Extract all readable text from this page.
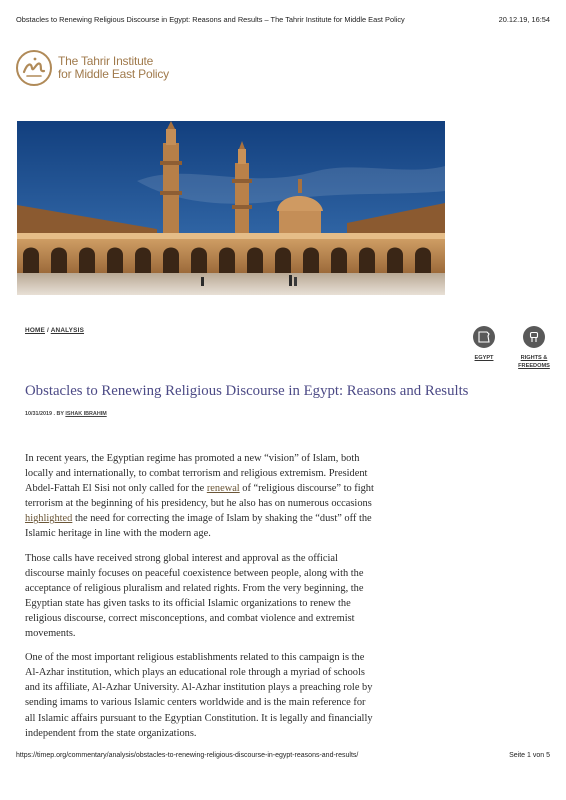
Obstacles to Renewing Religious Discourse in Egypt: Reasons and Results – The Tahrir Institute for Middle East Policy	20.12.19, 16:54
The Tahrir Institute
for Middle East Policy
HOME / ANALYSIS
EGYPT	RIGHTS &
FREEDOMS
Obstacles to Renewing Religious Discourse in Egypt: Reasons and Results
10/31/2019 . BY ISHAK IBRAHIM

In recent years, the Egyptian regime has promoted a new “vision” of Islam, both locally and internationally, to combat terrorism and religious extremism. President Abdel-Fattah El Sisi not only called for the renewal of “religious discourse” to fight terrorism at the beginning of his presidency, but he also has on numerous occasions highlighted the need for correcting the image of Islam by shaking the “dust” off the Islamic heritage in line with the modern age.

Those calls have received strong global interest and approval as the official discourse mainly focuses on peaceful coexistence between people, along with the acceptance of religious pluralism and related rights. From the very beginning, the Egyptian state has given tasks to its official Islamic organizations to renew the religious discourse, correct misconceptions, and combat violence and extremist movements.

One of the most important religious establishments related to this campaign is the Al-Azhar institution, which plays an educational role through a myriad of schools and its affiliate, Al-Azhar University. Al-Azhar institution plays a preaching role by sending imams to various Islamic centers worldwide and is the main reference for all Islamic affairs pursuant to the Egyptian Constitution. It is legally and financially independent from the state organizations.

https://timep.org/commentary/analysis/obstacles-to-renewing-religious-discourse-in-egypt-reasons-and-results/	Seite 1 von 5
